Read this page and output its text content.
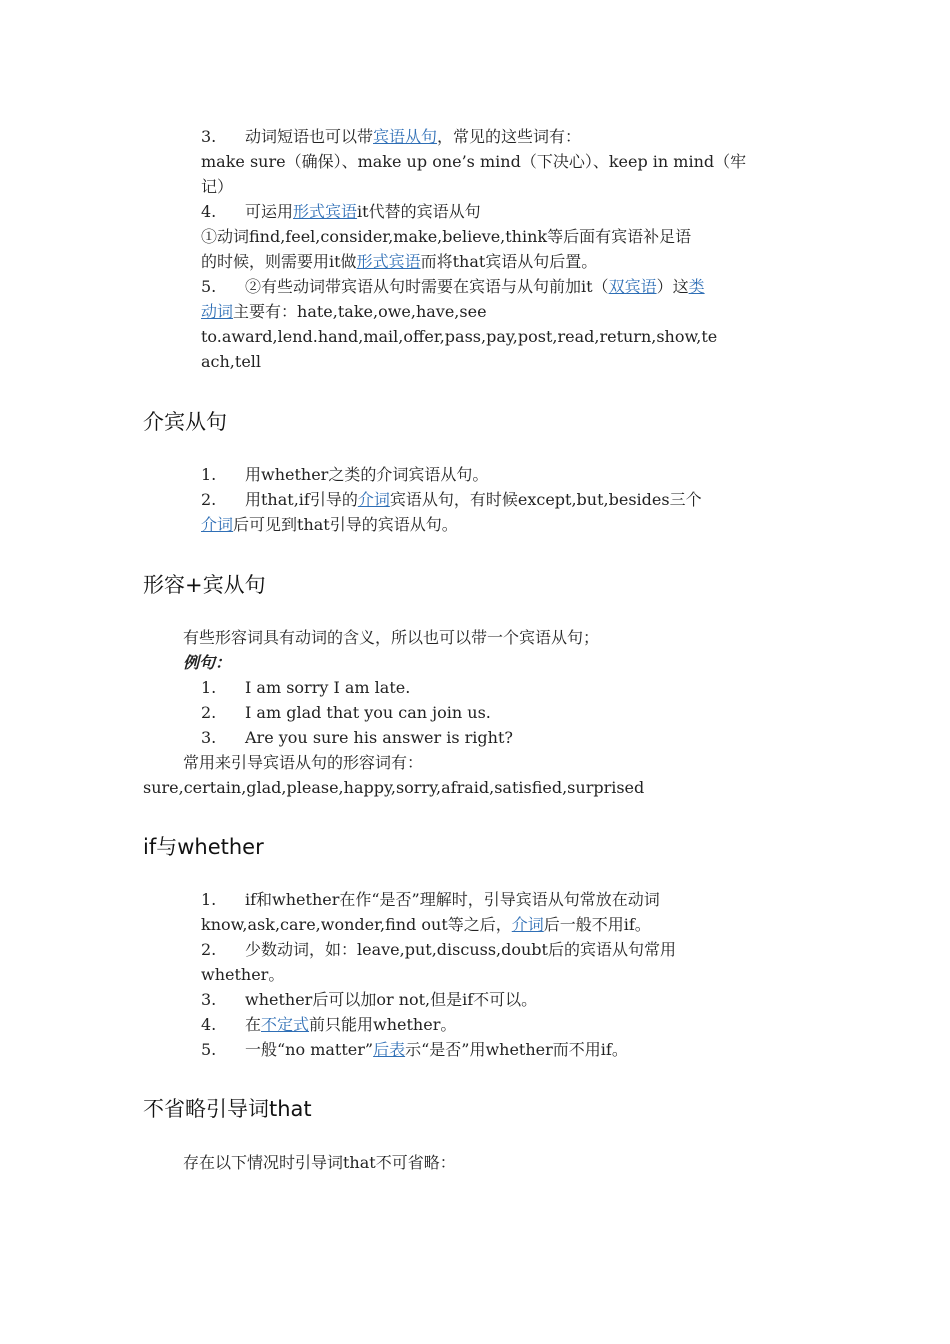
3. 动词短语也可以带宾语从句，常见的这些词有：
make sure（确保）、make up one’s mind（下决心）、keep in mind（牢
记）
4. 可运用形式宾语it代替的宾语从句
①动词find,feel,consider,make,believe,think等后面有宾语补足语
的时候，则需要用it做形式宾语而将that宾语从句后置。
5. ②有些动词带宾语从句时需要在宾语与从句前加it（双宾语）这类
动词主要有：hate,take,owe,have,see
to.award,lend.hand,mail,offer,pass,pay,post,read,return,show,te
ach,tell
介宾从句
1. 用whether之类的介词宾语从句。
2. 用that,if引导的介词宾语从句，有时候except,but,besides三个
介词后可见到that引导的宾语从句。
形容+宾从句
有些形容词具有动词的含义，所以也可以带一个宾语从句；
例句：
1. I am sorry I am late.
2. I am glad that you can join us.
3. Are you sure his answer is right?
常用来引导宾语从句的形容词有：
sure,certain,glad,please,happy,sorry,afraid,satisfied,surprised
if与whether
1. if和whether在作“是否”理解时，引导宾语从句常放在动词
know,ask,care,wonder,find out等之后，介词后一般不用if。
2. 少数动词，如：leave,put,discuss,doubt后的宾语从句常用
whether。
3. whether后可以加or not,但是if不可以。
4. 在不定式前只能用whether。
5. 一般“no matter”后表示“是否”用whether而不用if。
不省略引导词that
存在以下情况时引导词that不可省略：
